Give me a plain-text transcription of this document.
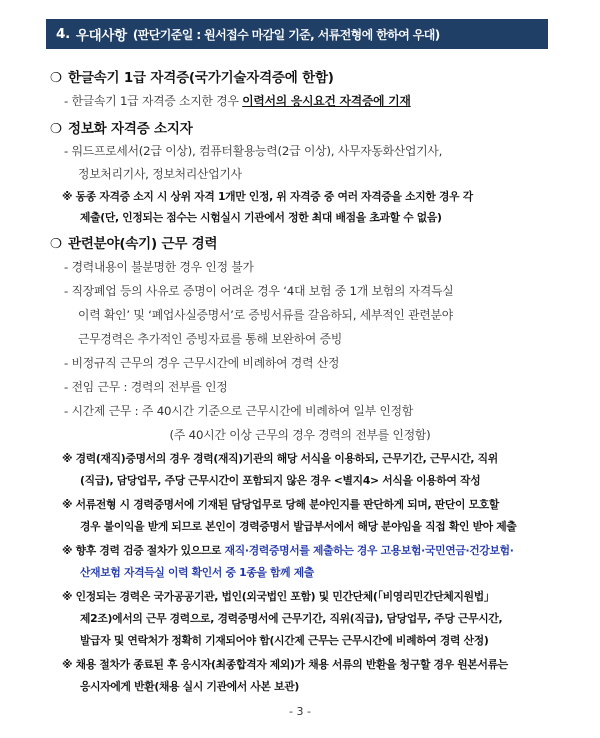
4. 우대사항 (판단기준일 : 원서접수 마감일 기준, 서류전형에 한하여 우대)
❍ 한글속기 1급 자격증(국가기술자격증에 한함)
- 한글속기 1급 자격증 소지한 경우 이력서의 응시요건 자격증에 기재
❍ 정보화 자격증 소지자
- 워드프로세서(2급 이상), 컴퓨터활용능력(2급 이상), 사무자동화산업기사,
정보처리기사, 정보처리산업기사
※ 동종 자격증 소지 시 상위 자격 1개만 인정, 위 자격증 중 여러 자격증을 소지한 경우 각
제출(단, 인정되는 점수는 시험실시 기관에서 정한 최대 배점을 초과할 수 없음)
❍ 관련분야(속기) 근무 경력
- 경력내용이 불분명한 경우 인정 불가
- 직장폐업 등의 사유로 증명이 어려운 경우 ‘4대 보험 중 1개 보험의 자격득실
이력 확인’ 및 ‘폐업사실증명서’로 증빙서류를 갈음하되, 세부적인 관련분야
근무경력은 추가적인 증빙자료를 통해 보완하여 증빙
- 비정규직 근무의 경우 근무시간에 비례하여 경력 산정
- 전임 근무 : 경력의 전부를 인정
- 시간제 근무 : 주 40시간 기준으로 근무시간에 비례하여 일부 인정함
(주 40시간 이상 근무의 경우 경력의 전부를 인정함)
※ 경력(재직)증명서의 경우 경력(재직)기관의 해당 서식을 이용하되, 근무기간, 근무시간, 직위
(직급), 담당업무, 주당 근무시간이 포함되지 않은 경우 <별지4> 서식을 이용하여 작성
※ 서류전형 시 경력증명서에 기재된 담당업무로 당해 분야인지를 판단하게 되며, 판단이 모호할
경우 불이익을 받게 되므로 본인이 경력증명서 발급부서에서 해당 분야임을 직접 확인 받아 제출
※ 향후 경력 검증 절차가 있으므로 재직·경력증명서를 제출하는 경우 고용보험·국민연금·건강보험·
산재보험 자격득실 이력 확인서 중 1종을 함께 제출
※ 인정되는 경력은 국가공공기관, 법인(외국법인 포함) 및 민간단체(「비영리민간단체지원법」
제2조)에서의 근무 경력으로, 경력증명서에 근무기간, 직위(직급), 담당업무, 주당 근무시간,
발급자 및 연락처가 정확히 기재되어야 함(시간제 근무는 근무시간에 비례하여 경력 산정)
※ 채용 절차가 종료된 후 응시자(최종합격자 제외)가 채용 서류의 반환을 청구할 경우 원본서류는
응시자에게 반환(채용 실시 기관에서 사본 보관)
- 3 -
